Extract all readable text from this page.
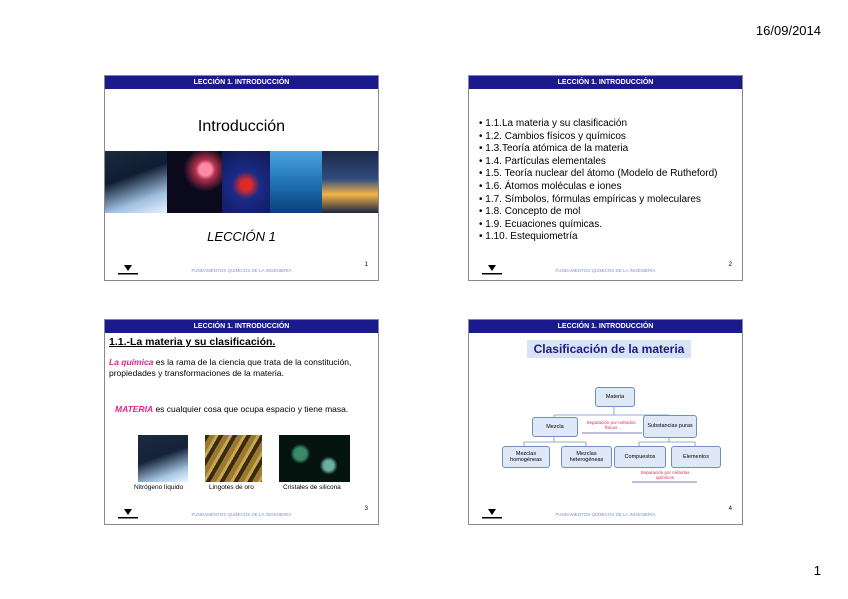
16/09/2014
LECCIÓN 1. INTRODUCCIÓN
Introducción
LECCIÓN 1
FUNDAMENTOS QUÍMICOS DE LA INGENIERÍA
1
LECCIÓN 1. INTRODUCCIÓN
• 1.1.La materia y su clasificación
• 1.2. Cambios físicos y químicos
• 1.3.Teoría atómica de la materia
• 1.4. Partículas elementales
• 1.5. Teoría nuclear del átomo (Modelo de Rutheford)
• 1.6. Átomos moléculas e iones
• 1.7. Símbolos, fórmulas empíricas y moleculares
• 1.8. Concepto de mol
• 1.9. Ecuaciones químicas.
• 1.10. Estequiometría
FUNDAMENTOS QUÍMICOS DE LA INGENIERÍA
2
LECCIÓN 1. INTRODUCCIÓN
1.1.-La materia y su clasificación.
La química es la rama de la ciencia que trata de la constitución, propiedades y transformaciones de la materia.
MATERIA es cualquier cosa que ocupa espacio y tiene masa.
Nitrógeno líquido	Lingotes de oro	Cristales de silicona
FUNDAMENTOS QUÍMICOS DE LA INGENIERÍA
3
LECCIÓN 1. INTRODUCCIÓN
Clasificación de la materia
Materia
Mezcla	Substancias puras
Mezclas homogéneas
Mezclas heterogéneas
Compuestos	Elementos
Separación por métodos físicos
Separación por métodos químicos
FUNDAMENTOS QUÍMICOS DE LA INGENIERÍA
4
1
